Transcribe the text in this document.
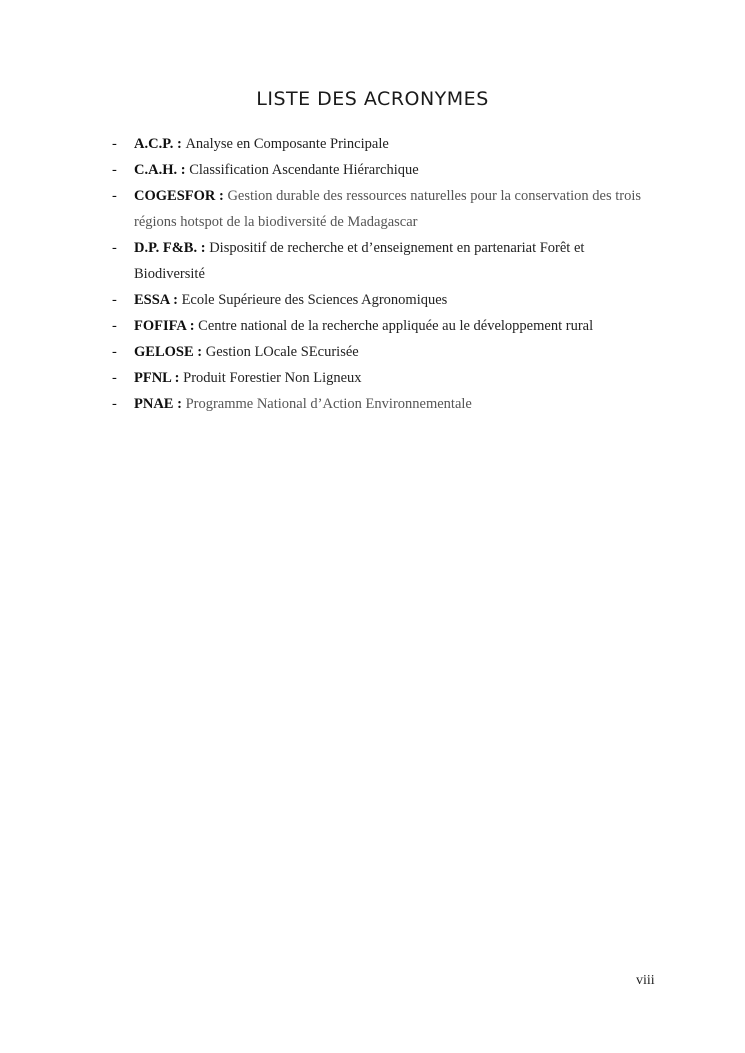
LISTE DES ACRONYMES
- A.C.P. : Analyse en Composante Principale
- C.A.H. : Classification Ascendante Hiérarchique
- COGESFOR : Gestion durable des ressources naturelles pour la conservation des trois régions hotspot de la biodiversité de Madagascar
- D.P. F&B. : Dispositif de recherche et d’enseignement en partenariat Forêt et Biodiversité
- ESSA : Ecole Supérieure des Sciences Agronomiques
- FOFIFA : Centre national de la recherche appliquée au le développement rural
- GELOSE : Gestion LOcale SEcurisée
- PFNL : Produit Forestier Non Ligneux
- PNAE : Programme National d’Action Environnementale
viii
